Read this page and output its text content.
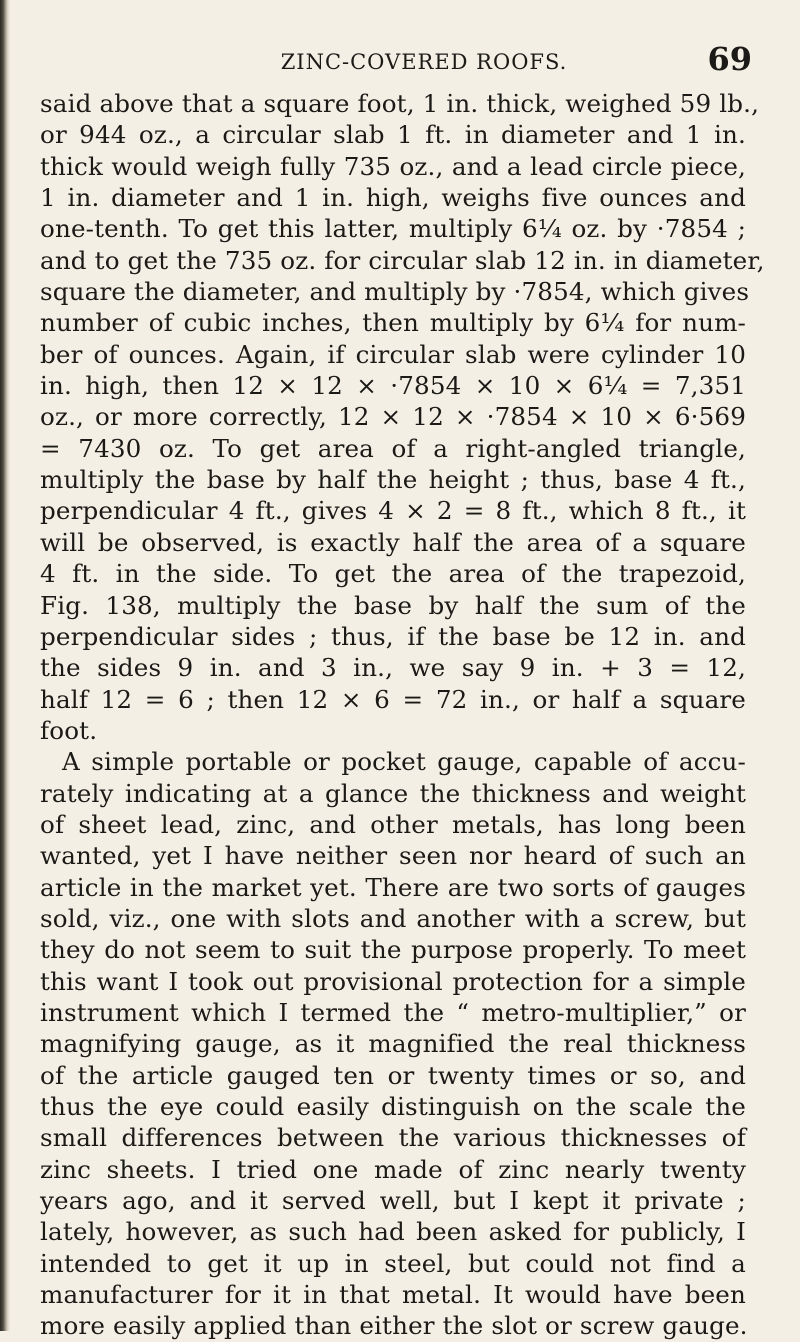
ZINC-COVERED ROOFS.	69
said above that a square foot, 1 in. thick, weighed 59 lb.,
or 944 oz., a circular slab 1 ft. in diameter and 1 in.
thick would weigh fully 735 oz., and a lead circle piece,
1 in. diameter and 1 in. high, weighs five ounces and
one-tenth. To get this latter, multiply 6¼ oz. by ·7854 ;
and to get the 735 oz. for circular slab 12 in. in diameter,
square the diameter, and multiply by ·7854, which gives
number of cubic inches, then multiply by 6¼ for num-
ber of ounces. Again, if circular slab were cylinder 10
in. high, then 12 × 12 × ·7854 × 10 × 6¼ = 7,351
oz., or more correctly, 12 × 12 × ·7854 × 10 × 6·569
= 7430 oz. To get area of a right-angled triangle,
multiply the base by half the height ; thus, base 4 ft.,
perpendicular 4 ft., gives 4 × 2 = 8 ft., which 8 ft., it
will be observed, is exactly half the area of a square
4 ft. in the side. To get the area of the trapezoid,
Fig. 138, multiply the base by half the sum of the
perpendicular sides ; thus, if the base be 12 in. and
the sides 9 in. and 3 in., we say 9 in. + 3 = 12,
half 12 = 6 ; then 12 × 6 = 72 in., or half a square
foot.
A simple portable or pocket gauge, capable of accu-
rately indicating at a glance the thickness and weight
of sheet lead, zinc, and other metals, has long been
wanted, yet I have neither seen nor heard of such an
article in the market yet. There are two sorts of gauges
sold, viz., one with slots and another with a screw, but
they do not seem to suit the purpose properly. To meet
this want I took out provisional protection for a simple
instrument which I termed the “ metro-multiplier,” or
magnifying gauge, as it magnified the real thickness
of the article gauged ten or twenty times or so, and
thus the eye could easily distinguish on the scale the
small differences between the various thicknesses of
zinc sheets. I tried one made of zinc nearly twenty
years ago, and it served well, but I kept it private ;
lately, however, as such had been asked for publicly, I
intended to get it up in steel, but could not find a
manufacturer for it in that metal. It would have been
more easily applied than either the slot or screw gauge.
